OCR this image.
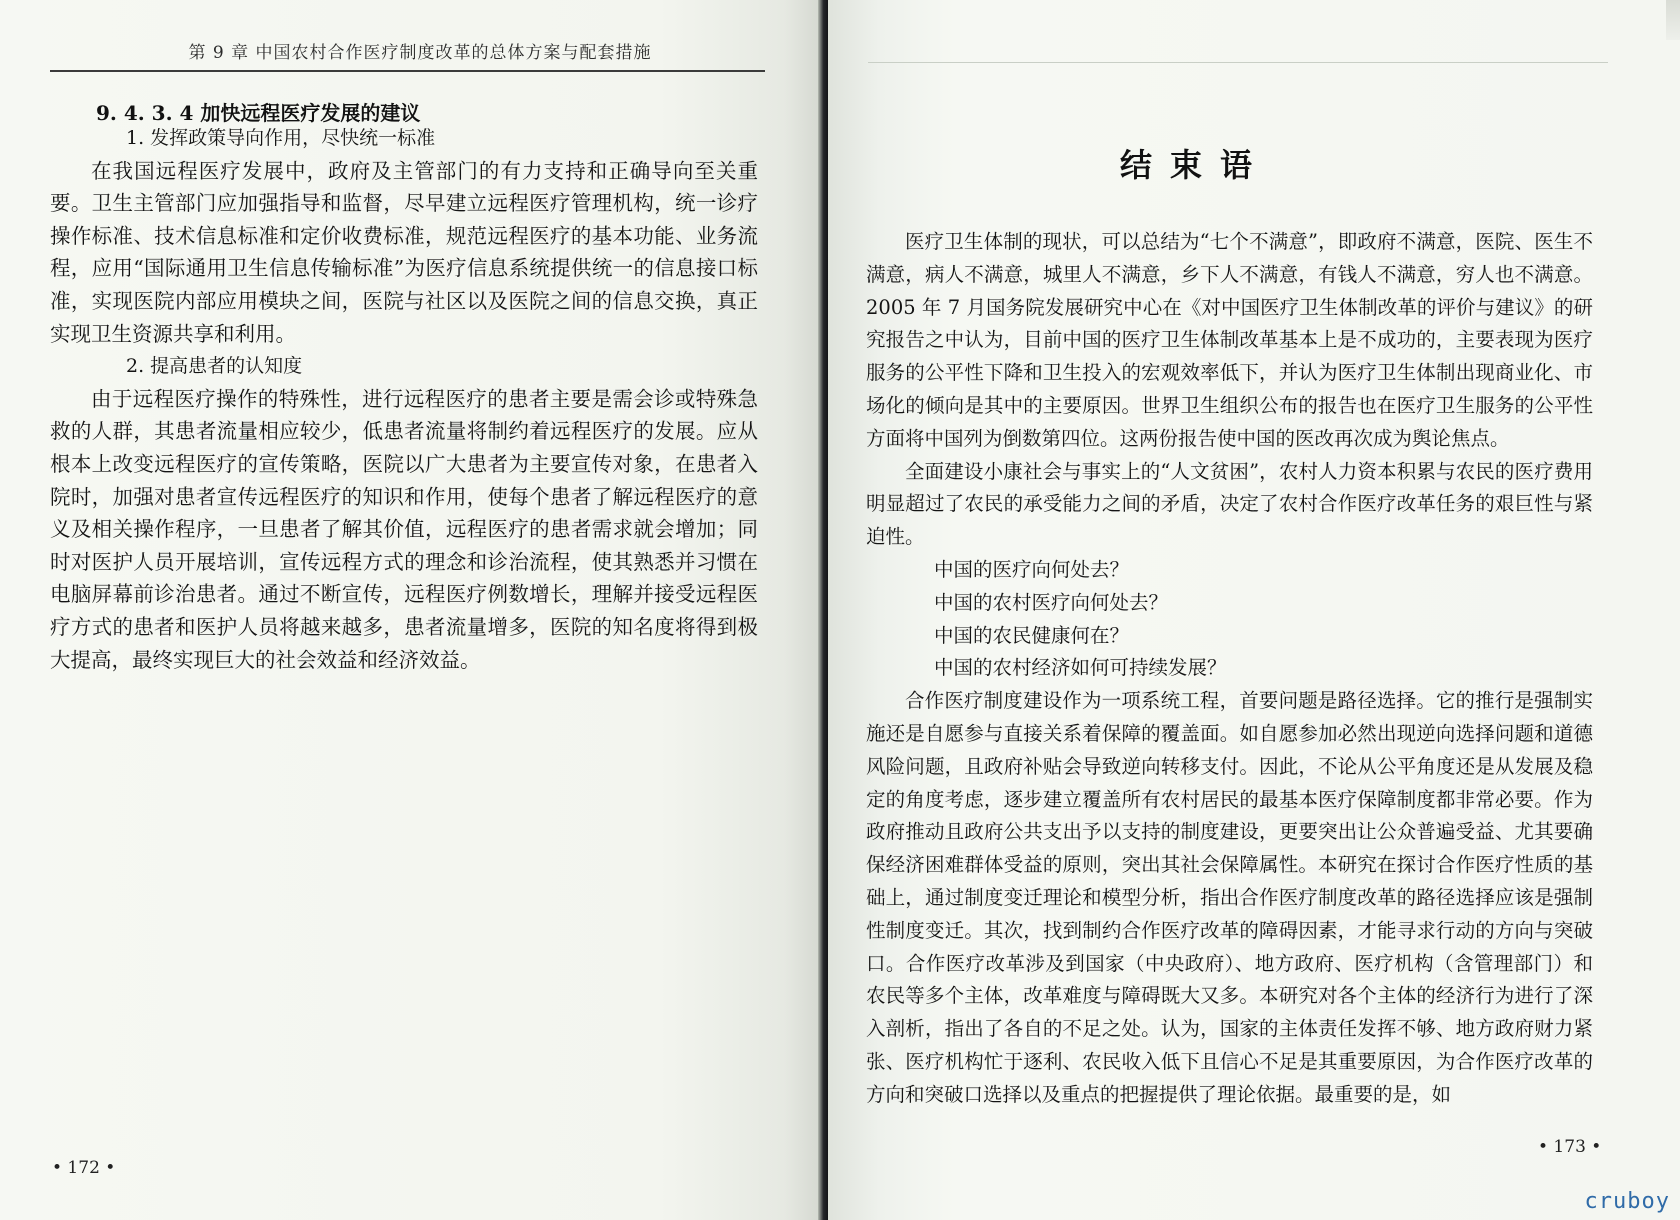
第 9 章 中国农村合作医疗制度改革的总体方案与配套措施
9. 4. 3. 4 加快远程医疗发展的建议

1. 发挥政策导向作用，尽快统一标准

在我国远程医疗发展中，政府及主管部门的有力支持和正确导向至关重要。卫生主管部门应加强指导和监督，尽早建立远程医疗管理机构，统一诊疗操作标准、技术信息标准和定价收费标准，规范远程医疗的基本功能、业务流程，应用“国际通用卫生信息传输标准”为医疗信息系统提供统一的信息接口标准，实现医院内部应用模块之间，医院与社区以及医院之间的信息交换，真正实现卫生资源共享和利用。

2. 提高患者的认知度

由于远程医疗操作的特殊性，进行远程医疗的患者主要是需会诊或特殊急救的人群，其患者流量相应较少，低患者流量将制约着远程医疗的发展。应从根本上改变远程医疗的宣传策略，医院以广大患者为主要宣传对象，在患者入院时，加强对患者宣传远程医疗的知识和作用，使每个患者了解远程医疗的意义及相关操作程序，一旦患者了解其价值，远程医疗的患者需求就会增加；同时对医护人员开展培训，宣传远程方式的理念和诊治流程，使其熟悉并习惯在电脑屏幕前诊治患者。通过不断宣传，远程医疗例数增长，理解并接受远程医疗方式的患者和医护人员将越来越多，患者流量增多，医院的知名度将得到极大提高，最终实现巨大的社会效益和经济效益。

• 172 •
结束语

医疗卫生体制的现状，可以总结为“七个不满意”，即政府不满意，医院、医生不满意，病人不满意，城里人不满意，乡下人不满意，有钱人不满意，穷人也不满意。2005 年 7 月国务院发展研究中心在《对中国医疗卫生体制改革的评价与建议》的研究报告之中认为，目前中国的医疗卫生体制改革基本上是不成功的，主要表现为医疗服务的公平性下降和卫生投入的宏观效率低下，并认为医疗卫生体制出现商业化、市场化的倾向是其中的主要原因。世界卫生组织公布的报告也在医疗卫生服务的公平性方面将中国列为倒数第四位。这两份报告使中国的医改再次成为舆论焦点。

全面建设小康社会与事实上的“人文贫困”，农村人力资本积累与农民的医疗费用明显超过了农民的承受能力之间的矛盾，决定了农村合作医疗改革任务的艰巨性与紧迫性。

中国的医疗向何处去？

中国的农村医疗向何处去？

中国的农民健康何在？

中国的农村经济如何可持续发展？

合作医疗制度建设作为一项系统工程，首要问题是路径选择。它的推行是强制实施还是自愿参与直接关系着保障的覆盖面。如自愿参加必然出现逆向选择问题和道德风险问题，且政府补贴会导致逆向转移支付。因此，不论从公平角度还是从发展及稳定的角度考虑，逐步建立覆盖所有农村居民的最基本医疗保障制度都非常必要。作为政府推动且政府公共支出予以支持的制度建设，更要突出让公众普遍受益、尤其要确保经济困难群体受益的原则，突出其社会保障属性。本研究在探讨合作医疗性质的基础上，通过制度变迁理论和模型分析，指出合作医疗制度改革的路径选择应该是强制性制度变迁。其次，找到制约合作医疗改革的障碍因素，才能寻求行动的方向与突破口。合作医疗改革涉及到国家（中央政府）、地方政府、医疗机构（含管理部门）和农民等多个主体，改革难度与障碍既大又多。本研究对各个主体的经济行为进行了深入剖析，指出了各自的不足之处。认为，国家的主体责任发挥不够、地方政府财力紧张、医疗机构忙于逐利、农民收入低下且信心不足是其重要原因，为合作医疗改革的方向和突破口选择以及重点的把握提供了理论依据。最重要的是，如

• 173 •
cruboy
